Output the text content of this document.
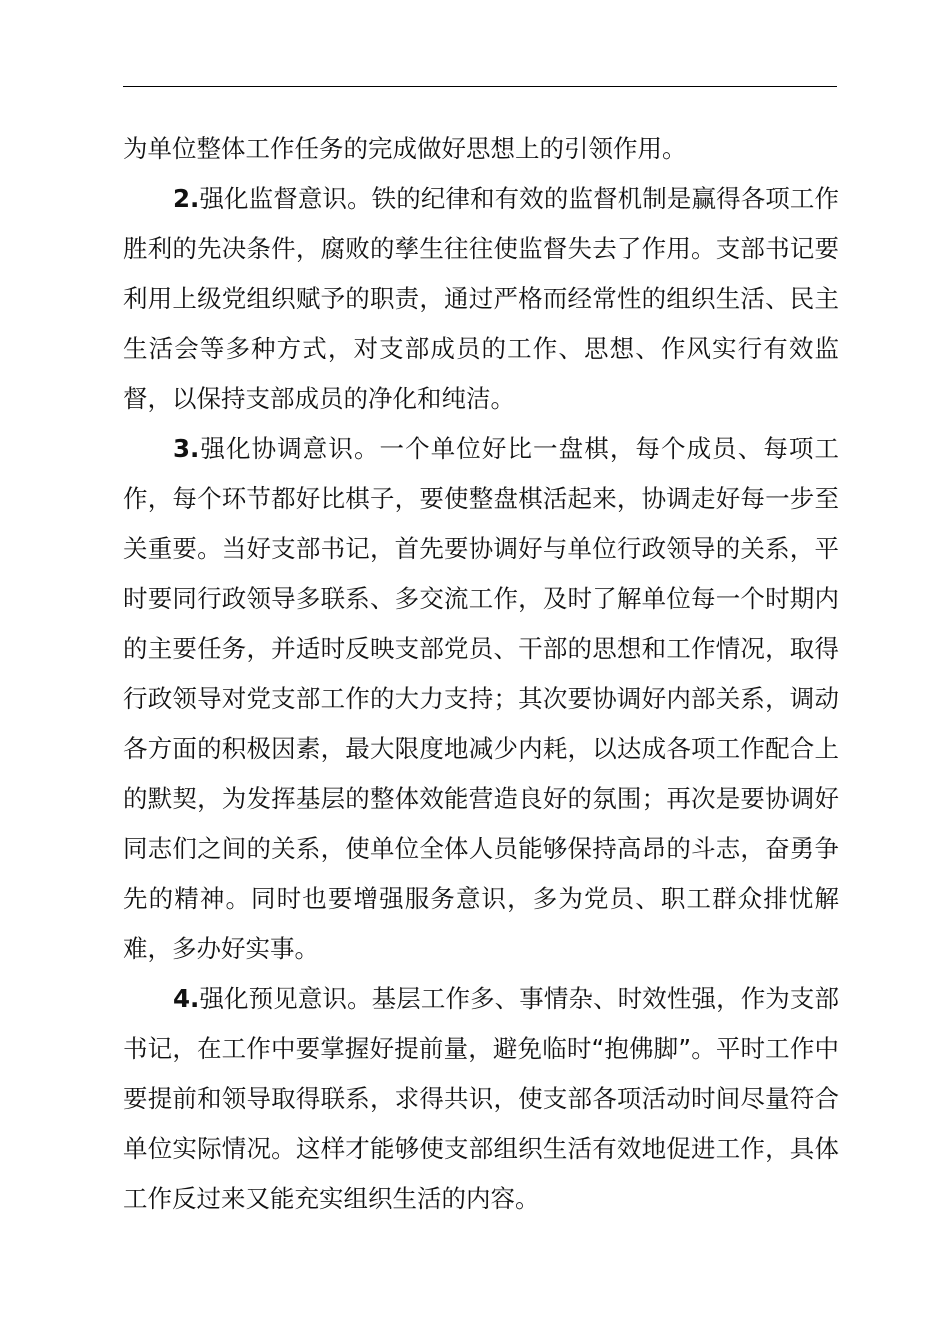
为单位整体工作任务的完成做好思想上的引领作用。

2.强化监督意识。铁的纪律和有效的监督机制是赢得各项工作胜利的先决条件，腐败的孳生往往使监督失去了作用。支部书记要利用上级党组织赋予的职责，通过严格而经常性的组织生活、民主生活会等多种方式，对支部成员的工作、思想、作风实行有效监督，以保持支部成员的净化和纯洁。

3.强化协调意识。一个单位好比一盘棋，每个成员、每项工作，每个环节都好比棋子，要使整盘棋活起来，协调走好每一步至关重要。当好支部书记，首先要协调好与单位行政领导的关系，平时要同行政领导多联系、多交流工作，及时了解单位每一个时期内的主要任务，并适时反映支部党员、干部的思想和工作情况，取得行政领导对党支部工作的大力支持；其次要协调好内部关系，调动各方面的积极因素，最大限度地减少内耗，以达成各项工作配合上的默契，为发挥基层的整体效能营造良好的氛围；再次是要协调好同志们之间的关系，使单位全体人员能够保持高昂的斗志，奋勇争先的精神。同时也要增强服务意识，多为党员、职工群众排忧解难，多办好实事。

4.强化预见意识。基层工作多、事情杂、时效性强，作为支部书记，在工作中要掌握好提前量，避免临时“抱佛脚”。平时工作中要提前和领导取得联系，求得共识，使支部各项活动时间尽量符合单位实际情况。这样才能够使支部组织生活有效地促进工作，具体工作反过来又能充实组织生活的内容。
